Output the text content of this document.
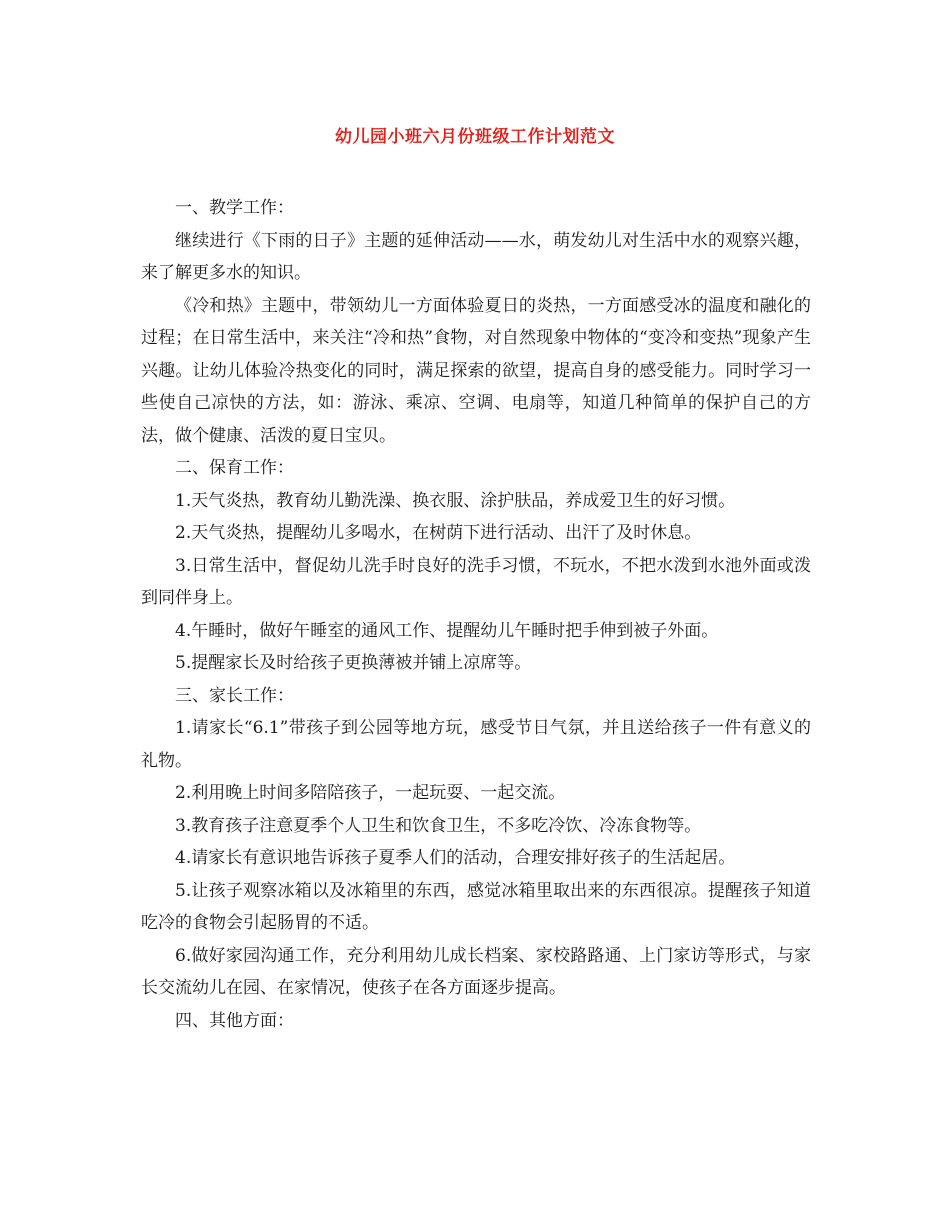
幼儿园小班六月份班级工作计划范文

一、教学工作：

继续进行《下雨的日子》主题的延伸活动——水，萌发幼儿对生活中水的观察兴趣，来了解更多水的知识。

《冷和热》主题中，带领幼儿一方面体验夏日的炎热，一方面感受冰的温度和融化的过程；在日常生活中，来关注“冷和热”食物，对自然现象中物体的“变冷和变热”现象产生兴趣。让幼儿体验冷热变化的同时，满足探索的欲望，提高自身的感受能力。同时学习一些使自己凉快的方法，如：游泳、乘凉、空调、电扇等，知道几种简单的保护自己的方法，做个健康、活泼的夏日宝贝。

二、保育工作：

1.天气炎热，教育幼儿勤洗澡、换衣服、涂护肤品，养成爱卫生的好习惯。

2.天气炎热，提醒幼儿多喝水，在树荫下进行活动、出汗了及时休息。

3.日常生活中，督促幼儿洗手时良好的洗手习惯，不玩水，不把水泼到水池外面或泼到同伴身上。

4.午睡时，做好午睡室的通风工作、提醒幼儿午睡时把手伸到被子外面。

5.提醒家长及时给孩子更换薄被并铺上凉席等。

三、家长工作：

1.请家长“6.1”带孩子到公园等地方玩，感受节日气氛，并且送给孩子一件有意义的礼物。

2.利用晚上时间多陪陪孩子，一起玩耍、一起交流。

3.教育孩子注意夏季个人卫生和饮食卫生，不多吃冷饮、冷冻食物等。

4.请家长有意识地告诉孩子夏季人们的活动，合理安排好孩子的生活起居。

5.让孩子观察冰箱以及冰箱里的东西，感觉冰箱里取出来的东西很凉。提醒孩子知道吃冷的食物会引起肠胃的不适。

6.做好家园沟通工作，充分利用幼儿成长档案、家校路路通、上门家访等形式，与家长交流幼儿在园、在家情况，使孩子在各方面逐步提高。

四、其他方面：
